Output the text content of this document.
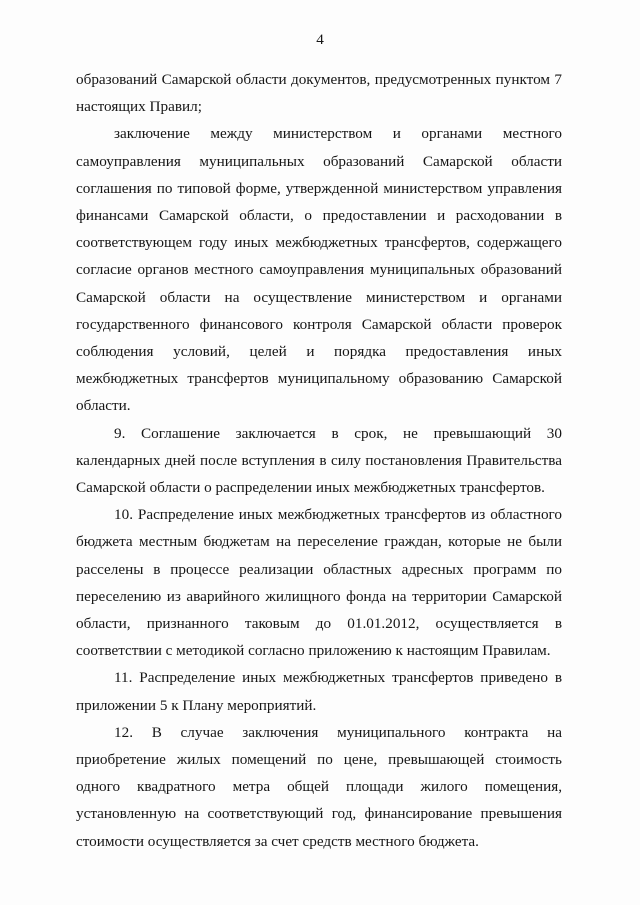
4

образований Самарской области документов, предусмотренных пунктом 7 настоящих Правил;

заключение между министерством и органами местного самоуправления муниципальных образований Самарской области соглашения по типовой форме, утвержденной министерством управления финансами Самарской области, о предоставлении и расходовании в соответствующем году иных межбюджетных трансфертов, содержащего согласие органов местного самоуправления муниципальных образований Самарской области на осуществление министерством и органами государственного финансового контроля Самарской области проверок соблюдения условий, целей и порядка предоставления иных межбюджетных трансфертов муниципальному образованию Самарской области.

9. Соглашение заключается в срок, не превышающий 30 календарных дней после вступления в силу постановления Правительства Самарской области о распределении иных межбюджетных трансфертов.

10. Распределение иных межбюджетных трансфертов из областного бюджета местным бюджетам на переселение граждан, которые не были расселены в процессе реализации областных адресных программ по переселению из аварийного жилищного фонда на территории Самарской области, признанного таковым до 01.01.2012, осуществляется в соответствии с методикой согласно приложению к настоящим Правилам.

11. Распределение иных межбюджетных трансфертов приведено в приложении 5 к Плану мероприятий.

12. В случае заключения муниципального контракта на приобретение жилых помещений по цене, превышающей стоимость одного квадратного метра общей площади жилого помещения, установленную на соответствующий год, финансирование превышения стоимости осуществляется за счет средств местного бюджета.
